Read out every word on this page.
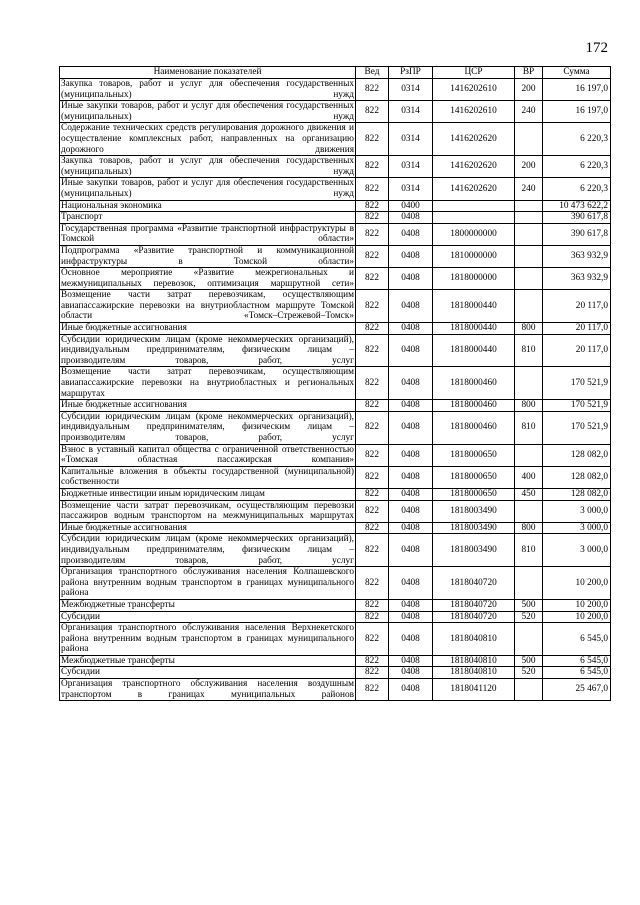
172
Наименование показателей	Вед	РзПР	ЦСР	ВР	Сумма
Закупка товаров, работ и услуг для обеспечения государственных (муниципальных) нужд	822	0314	1416202610	200	16 197,0
Иные закупки товаров, работ и услуг для обеспечения государственных (муниципальных) нужд	822	0314	1416202610	240	16 197,0
Содержание технических средств регулирования дорожного движения и осуществление комплексных работ, направленных на организацию дорожного движения	822	0314	1416202620		6 220,3
Закупка товаров, работ и услуг для обеспечения государственных (муниципальных) нужд	822	0314	1416202620	200	6 220,3
Иные закупки товаров, работ и услуг для обеспечения государственных (муниципальных) нужд	822	0314	1416202620	240	6 220,3
Национальная экономика	822	0400			10 473 622,2
Транспорт	822	0408			390 617,8
Государственная программа «Развитие транспортной инфраструктуры в Томской области»	822	0408	1800000000		390 617,8
Подпрограмма «Развитие транспортной и коммуникационной инфраструктуры в Томской области»	822	0408	1810000000		363 932,9
Основное мероприятие «Развитие межрегиональных и межмуниципальных перевозок, оптимизация маршрутной сети»	822	0408	1818000000		363 932,9
Возмещение части затрат перевозчикам, осуществляющим авиапассажирские перевозки на внутриобластном маршруте Томской области «Томск–Стрежевой–Томск»	822	0408	1818000440		20 117,0
Иные бюджетные ассигнования	822	0408	1818000440	800	20 117,0
Субсидии юридическим лицам (кроме некоммерческих организаций), индивидуальным предпринимателям, физическим лицам – производителям товаров, работ, услуг	822	0408	1818000440	810	20 117,0
Возмещение части затрат перевозчикам, осуществляющим авиапассажирские перевозки на внутриобластных и региональных маршрутах	822	0408	1818000460		170 521,9
Иные бюджетные ассигнования	822	0408	1818000460	800	170 521,9
Субсидии юридическим лицам (кроме некоммерческих организаций), индивидуальным предпринимателям, физическим лицам – производителям товаров, работ, услуг	822	0408	1818000460	810	170 521,9
Взнос в уставный капитал общества с ограниченной ответственностью «Томская областная пассажирская компания»	822	0408	1818000650		128 082,0
Капитальные вложения в объекты государственной (муниципальной) собственности	822	0408	1818000650	400	128 082,0
Бюджетные инвестиции иным юридическим лицам	822	0408	1818000650	450	128 082,0
Возмещение части затрат перевозчикам, осуществляющим перевозки пассажиров водным транспортом на межмуниципальных маршрутах	822	0408	1818003490		3 000,0
Иные бюджетные ассигнования	822	0408	1818003490	800	3 000,0
Субсидии юридическим лицам (кроме некоммерческих организаций), индивидуальным предпринимателям, физическим лицам – производителям товаров, работ, услуг	822	0408	1818003490	810	3 000,0
Организация транспортного обслуживания населения Колпашевского района внутренним водным транспортом в границах муниципального района	822	0408	1818040720		10 200,0
Межбюджетные трансферты	822	0408	1818040720	500	10 200,0
Субсидии	822	0408	1818040720	520	10 200,0
Организация транспортного обслуживания населения Верхнекетского района внутренним водным транспортом в границах муниципального района	822	0408	1818040810		6 545,0
Межбюджетные трансферты	822	0408	1818040810	500	6 545,0
Субсидии	822	0408	1818040810	520	6 545,0
Организация транспортного обслуживания населения воздушным транспортом в границах муниципальных районов	822	0408	1818041120		25 467,0
